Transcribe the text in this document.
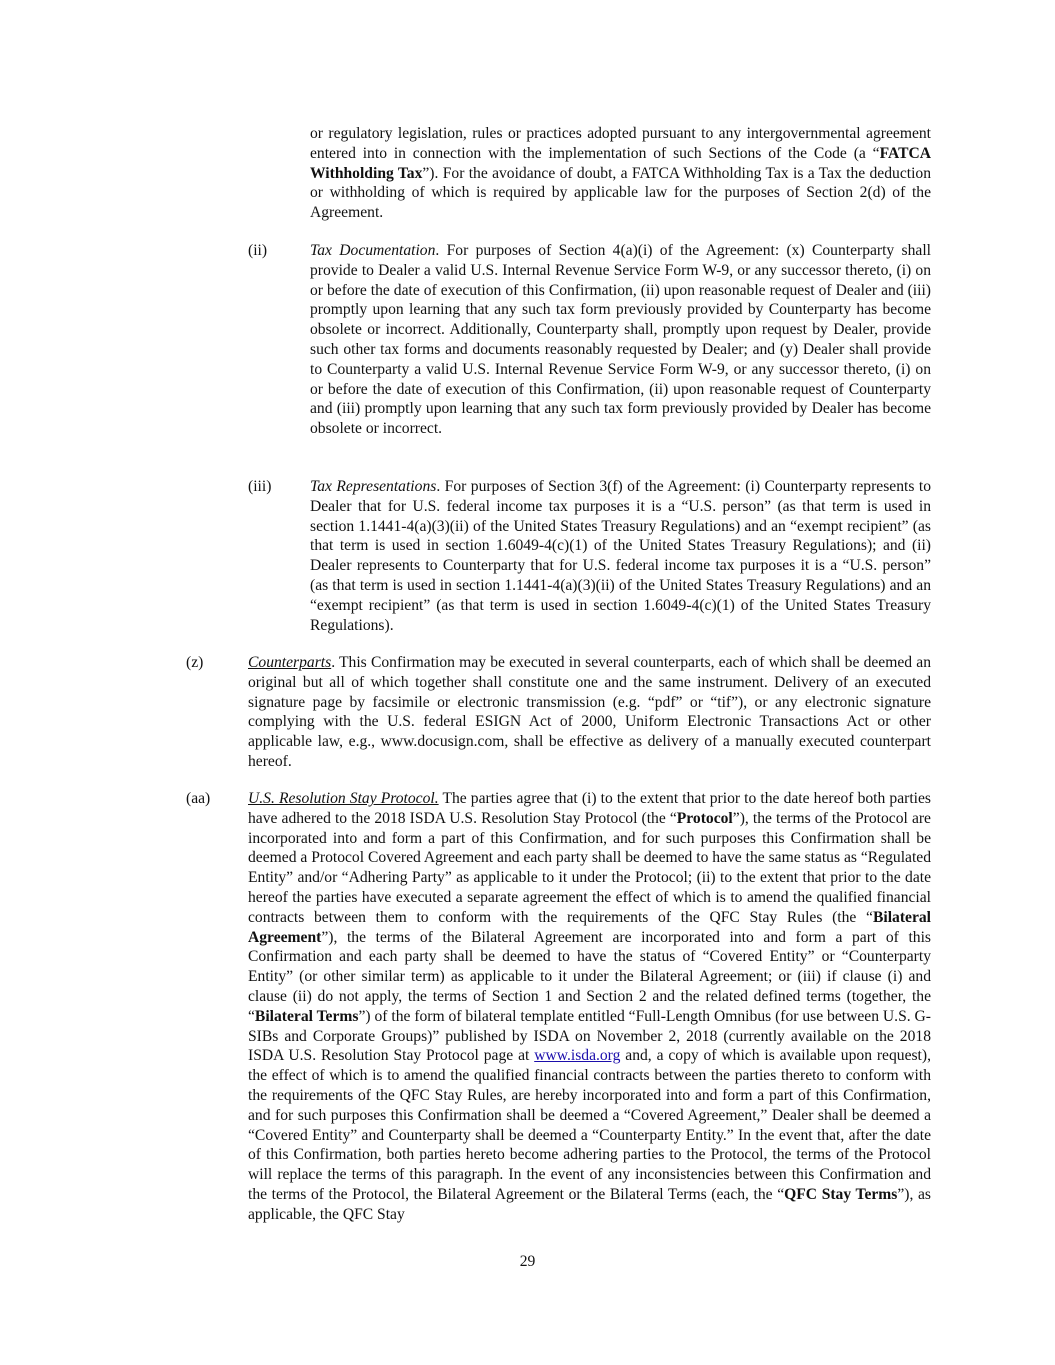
or regulatory legislation, rules or practices adopted pursuant to any intergovernmental agreement entered into in connection with the implementation of such Sections of the Code (a “FATCA Withholding Tax”). For the avoidance of doubt, a FATCA Withholding Tax is a Tax the deduction or withholding of which is required by applicable law for the purposes of Section 2(d) of the Agreement.

(ii)	Tax Documentation. For purposes of Section 4(a)(i) of the Agreement: (x) Counterparty shall provide to Dealer a valid U.S. Internal Revenue Service Form W-9, or any successor thereto, (i) on or before the date of execution of this Confirmation, (ii) upon reasonable request of Dealer and (iii) promptly upon learning that any such tax form previously provided by Counterparty has become obsolete or incorrect. Additionally, Counterparty shall, promptly upon request by Dealer, provide such other tax forms and documents reasonably requested by Dealer; and (y) Dealer shall provide to Counterparty a valid U.S. Internal Revenue Service Form W-9, or any successor thereto, (i) on or before the date of execution of this Confirmation, (ii) upon reasonable request of Counterparty and (iii) promptly upon learning that any such tax form previously provided by Dealer has become obsolete or incorrect.

(iii) Tax Representations. For purposes of Section 3(f) of the Agreement: (i) Counterparty represents to Dealer that for U.S. federal income tax purposes it is a “U.S. person” (as that term is used in section 1.1441-4(a)(3)(ii) of the United States Treasury Regulations) and an “exempt recipient” (as that term is used in section 1.6049-4(c)(1) of the United States Treasury Regulations); and (ii) Dealer represents to Counterparty that for U.S. federal income tax purposes it is a “U.S. person” (as that term is used in section 1.1441-4(a)(3)(ii) of the United States Treasury Regulations) and an “exempt recipient” (as that term is used in section 1.6049-4(c)(1) of the United States Treasury Regulations).

(z)	Counterparts. This Confirmation may be executed in several counterparts, each of which shall be deemed an original but all of which together shall constitute one and the same instrument. Delivery of an executed signature page by facsimile or electronic transmission (e.g. “pdf” or “tif”), or any electronic signature complying with the U.S. federal ESIGN Act of 2000, Uniform Electronic Transactions Act or other applicable law, e.g., www.docusign.com, shall be effective as delivery of a manually executed counterpart hereof.

(aa) U.S. Resolution Stay Protocol. The parties agree that (i) to the extent that prior to the date hereof both parties have adhered to the 2018 ISDA U.S. Resolution Stay Protocol (the “Protocol”), the terms of the Protocol are incorporated into and form a part of this Confirmation, and for such purposes this Confirmation shall be deemed a Protocol Covered Agreement and each party shall be deemed to have the same status as “Regulated Entity” and/or “Adhering Party” as applicable to it under the Protocol; (ii) to the extent that prior to the date hereof the parties have executed a separate agreement the effect of which is to amend the qualified financial contracts between them to conform with the requirements of the QFC Stay Rules (the “Bilateral Agreement”), the terms of the Bilateral Agreement are incorporated into and form a part of this Confirmation and each party shall be deemed to have the status of “Covered Entity” or “Counterparty Entity” (or other similar term) as applicable to it under the Bilateral Agreement; or (iii) if clause (i) and clause (ii) do not apply, the terms of Section 1 and Section 2 and the related defined terms (together, the “Bilateral Terms”) of the form of bilateral template entitled “Full-Length Omnibus (for use between U.S. G-SIBs and Corporate Groups)” published by ISDA on November 2, 2018 (currently available on the 2018 ISDA U.S. Resolution Stay Protocol page at www.isda.org and, a copy of which is available upon request), the effect of which is to amend the qualified financial contracts between the parties thereto to conform with the requirements of the QFC Stay Rules, are hereby incorporated into and form a part of this Confirmation, and for such purposes this Confirmation shall be deemed a “Covered Agreement,” Dealer shall be deemed a “Covered Entity” and Counterparty shall be deemed a “Counterparty Entity.” In the event that, after the date of this Confirmation, both parties hereto become adhering parties to the Protocol, the terms of the Protocol will replace the terms of this paragraph. In the event of any inconsistencies between this Confirmation and the terms of the Protocol, the Bilateral Agreement or the Bilateral Terms (each, the “QFC Stay Terms”), as applicable, the QFC Stay

29
